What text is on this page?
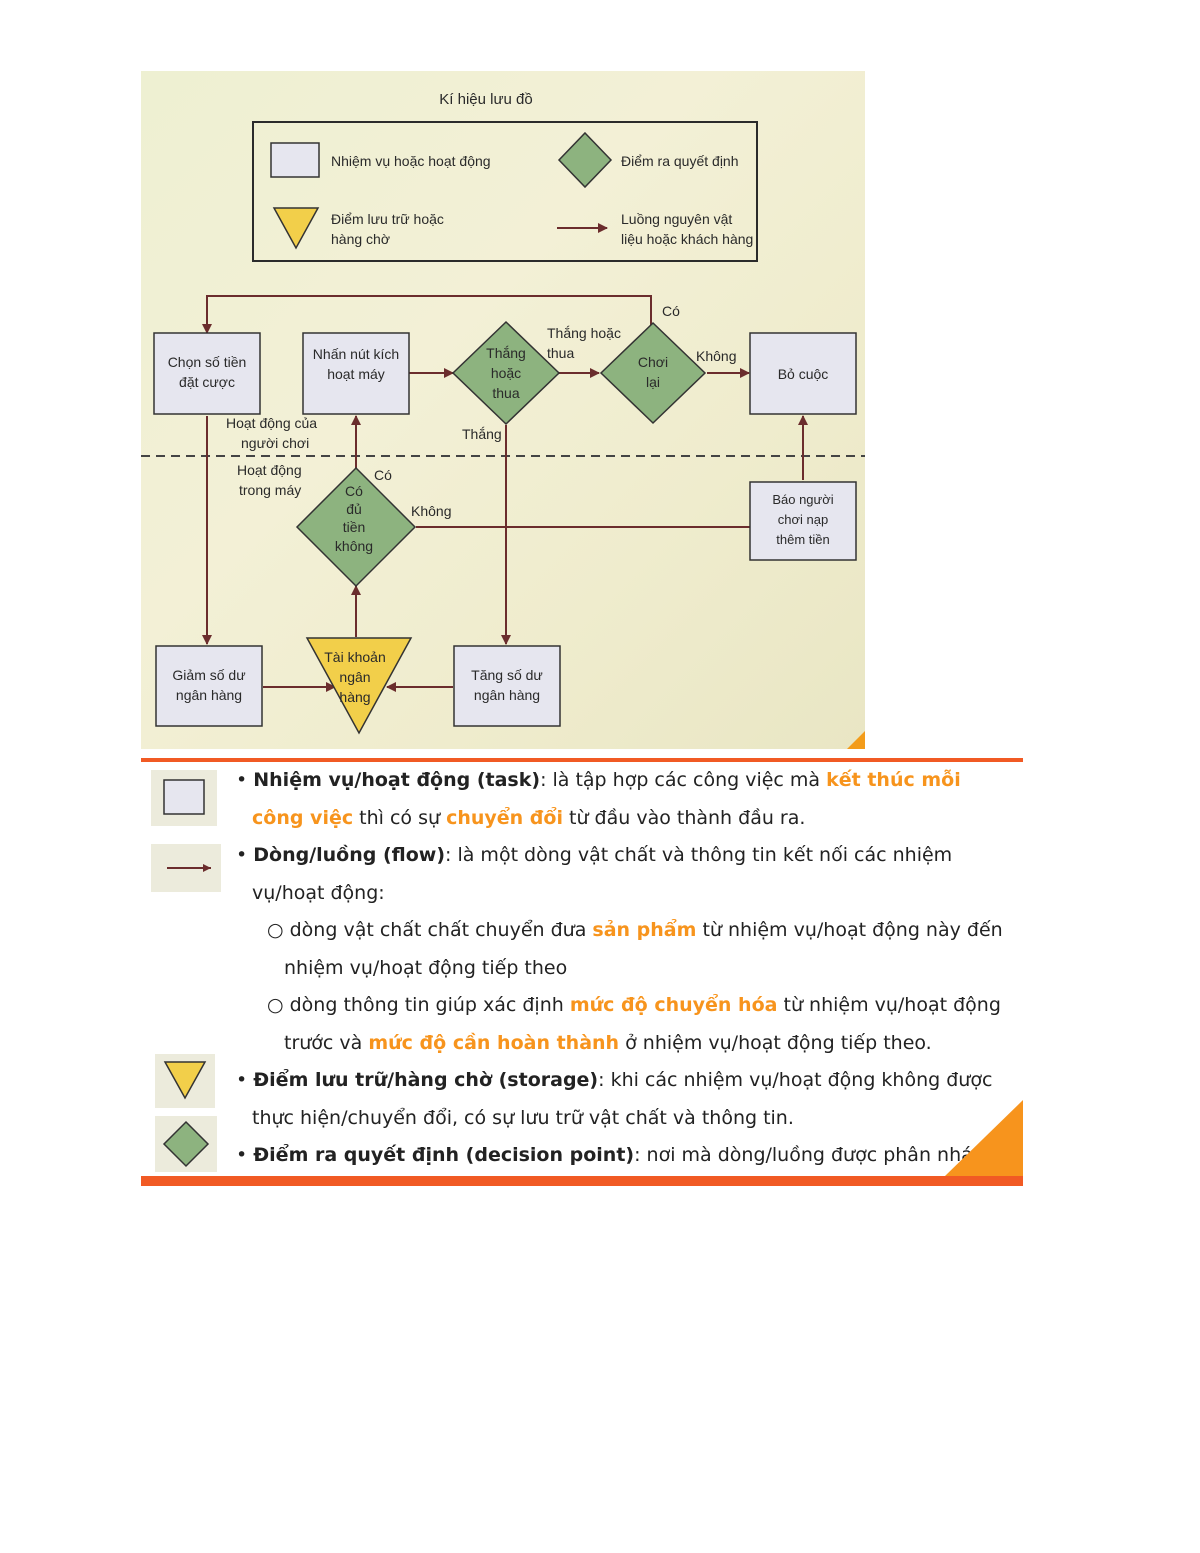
Kí hiệu lưu đồ
Nhiệm vụ hoặc hoạt động	Điểm ra quyết định
Điểm lưu trữ hoặc
hàng chờ
Luồng nguyên vật
liệu hoặc khách hàng
Chọn số tiền
đặt cược
Nhấn nút kích
hoạt máy
Thắng
hoặc
thua
Chơi
lại	Bỏ cuộc
Có
đủ
tiền
không
Báo người
chơi nạp
thêm tiền
Giảm số dư
ngân hàng
Tài khoản
ngân
hàng
Tăng số dư
ngân hàng
Có
Thắng hoặc
thua	Không
Thắng
Hoạt động của
người chơi
Hoạt động
trong máy
Có
Không

• Nhiệm vụ/hoạt động (task): là tập hợp các công việc mà kết thúc mỗi công việc thì có sự chuyển đổi từ đầu vào thành đầu ra.

• Dòng/luồng (flow): là một dòng vật chất và thông tin kết nối các nhiệm vụ/hoạt động:

○ dòng vật chất chất chuyển đưa sản phẩm từ nhiệm vụ/hoạt động này đến nhiệm vụ/hoạt động tiếp theo

○ dòng thông tin giúp xác định mức độ chuyển hóa từ nhiệm vụ/hoạt động trước và mức độ cần hoàn thành ở nhiệm vụ/hoạt động tiếp theo.

• Điểm lưu trữ/hàng chờ (storage): khi các nhiệm vụ/hoạt động không được thực hiện/chuyển đổi, có sự lưu trữ vật chất và thông tin.

• Điểm ra quyết định (decision point): nơi mà dòng/luồng được phân nhánh
